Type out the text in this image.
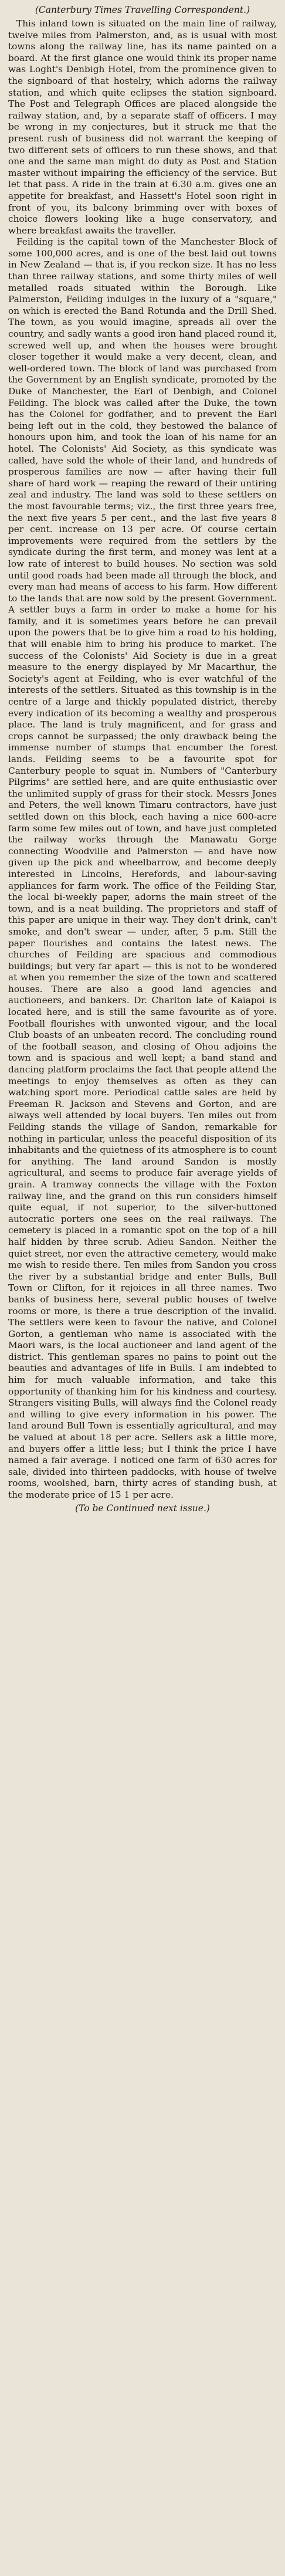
(Canterbury Times Travelling Correspondent.)

This inland town is situated on the main line of railway, twelve miles from Palmerston, and, as is usual with most towns along the railway line, has its name painted on a board. At the first glance one would think its proper name was Loght's Denbigh Hotel, from the prominence given to the signboard of that hostelry, which adorns the railway station, and which quite eclipses the station signboard. The Post and Telegraph Offices are placed alongside the railway station, and, by a separate staff of officers. I may be wrong in my conjectures, but it struck me that the present rush of business did not warrant the keeping of two different sets of officers to run these shows, and that one and the same man might do duty as Post and Station master without impairing the efficiency of the service. But let that pass. A ride in the train at 6.30 a.m. gives one an appetite for breakfast, and Hassett's Hotel soon right in front of you, its balcony brimming over with boxes of choice flowers looking like a huge conservatory, and where breakfast awaits the traveller.

Feilding is the capital town of the Manchester Block of some 100,000 acres, and is one of the best laid out towns in New Zealand — that is, if you reckon size. It has no less than three railway stations, and some thirty miles of well metalled roads situated within the Borough. Like Palmerston, Feilding indulges in the luxury of a "square," on which is erected the Band Rotunda and the Drill Shed. The town, as you would imagine, spreads all over the country, and sadly wants a good iron hand placed round it, screwed well up, and when the houses were brought closer together it would make a very decent, clean, and well-ordered town. The block of land was purchased from the Government by an English syndicate, promoted by the Duke of Manchester, the Earl of Denbigh, and Colonel Feilding. The block was called after the Duke, the town has the Colonel for godfather, and to prevent the Earl being left out in the cold, they bestowed the balance of honours upon him, and took the loan of his name for an hotel. The Colonists' Aid Society, as this syndicate was called, have sold the whole of their land, and hundreds of prosperous families are now — after having their full share of hard work — reaping the reward of their untiring zeal and industry. The land was sold to these settlers on the most favourable terms; viz., the first three years free, the next five years 5 per cent., and the last five years 8 per cent. increase on 13 per acre. Of course certain improvements were required from the settlers by the syndicate during the first term, and money was lent at a low rate of interest to build houses. No section was sold until good roads had been made all through the block, and every man had means of access to his farm. How different to the lands that are now sold by the present Government. A settler buys a farm in order to make a home for his family, and it is sometimes years before he can prevail upon the powers that be to give him a road to his holding, that will enable him to bring his produce to market. The success of the Colonists' Aid Society is due in a great measure to the energy displayed by Mr Macarthur, the Society's agent at Feilding, who is ever watchful of the interests of the settlers. Situated as this township is in the centre of a large and thickly populated district, thereby every indication of its becoming a wealthy and prosperous place. The land is truly magnificent, and for grass and crops cannot be surpassed; the only drawback being the immense number of stumps that encumber the forest lands. Feilding seems to be a favourite spot for Canterbury people to squat in. Numbers of "Canterbury Pilgrims" are settled here, and are quite enthusiastic over the unlimited supply of grass for their stock. Messrs Jones and Peters, the well known Timaru contractors, have just settled down on this block, each having a nice 600-acre farm some few miles out of town, and have just completed the railway works through the Manawatu Gorge connecting Woodville and Palmerston — and have now given up the pick and wheelbarrow, and become deeply interested in Lincolns, Herefords, and labour-saving appliances for farm work. The office of the Feilding Star, the local bi-weekly paper, adorns the main street of the town, and is a neat building. The proprietors and staff of this paper are unique in their way. They don't drink, can't smoke, and don't swear — under, after, 5 p.m. Still the paper flourishes and contains the latest news. The churches of Feilding are spacious and commodious buildings; but very far apart — this is not to be wondered at when you remember the size of the town and scattered houses. There are also a good land agencies and auctioneers, and bankers. Dr. Charlton late of Kaiapoi is located here, and is still the same favourite as of yore. Football flourishes with unwonted vigour, and the local Club boasts of an unbeaten record. The concluding round of the football season, and closing of Ohou adjoins the town and is spacious and well kept; a band stand and dancing platform proclaims the fact that people attend the meetings to enjoy themselves as often as they can watching sport more. Periodical cattle sales are held by Freeman R. Jackson and Stevens and Gorton, and are always well attended by local buyers. Ten miles out from Feilding stands the village of Sandon, remarkable for nothing in particular, unless the peaceful disposition of its inhabitants and the quietness of its atmosphere is to count for anything. The land around Sandon is mostly agricultural, and seems to produce fair average yields of grain. A tramway connects the village with the Foxton railway line, and the grand on this run considers himself quite equal, if not superior, to the silver-buttoned autocratic porters one sees on the real railways. The cemetery is placed in a romantic spot on the top of a hill half hidden by three scrub. Adieu Sandon. Neither the quiet street, nor even the attractive cemetery, would make me wish to reside there. Ten miles from Sandon you cross the river by a substantial bridge and enter Bulls, Bull Town or Clifton, for it rejoices in all three names. Two banks of business here, several public houses of twelve rooms or more, is there a true description of the invalid. The settlers were keen to favour the native, and Colonel Gorton, a gentleman who name is associated with the Maori wars, is the local auctioneer and land agent of the district. This gentleman spares no pains to point out the beauties and advantages of life in Bulls. I am indebted to him for much valuable information, and take this opportunity of thanking him for his kindness and courtesy. Strangers visiting Bulls, will always find the Colonel ready and willing to give every information in his power. The land around Bull Town is essentially agricultural, and may be valued at about 18 per acre. Sellers ask a little more, and buyers offer a little less; but I think the price I have named a fair average. I noticed one farm of 630 acres for sale, divided into thirteen paddocks, with house of twelve rooms, woolshed, barn, thirty acres of standing bush, at the moderate price of 15 1 per acre.

(To be Continued next issue.)
